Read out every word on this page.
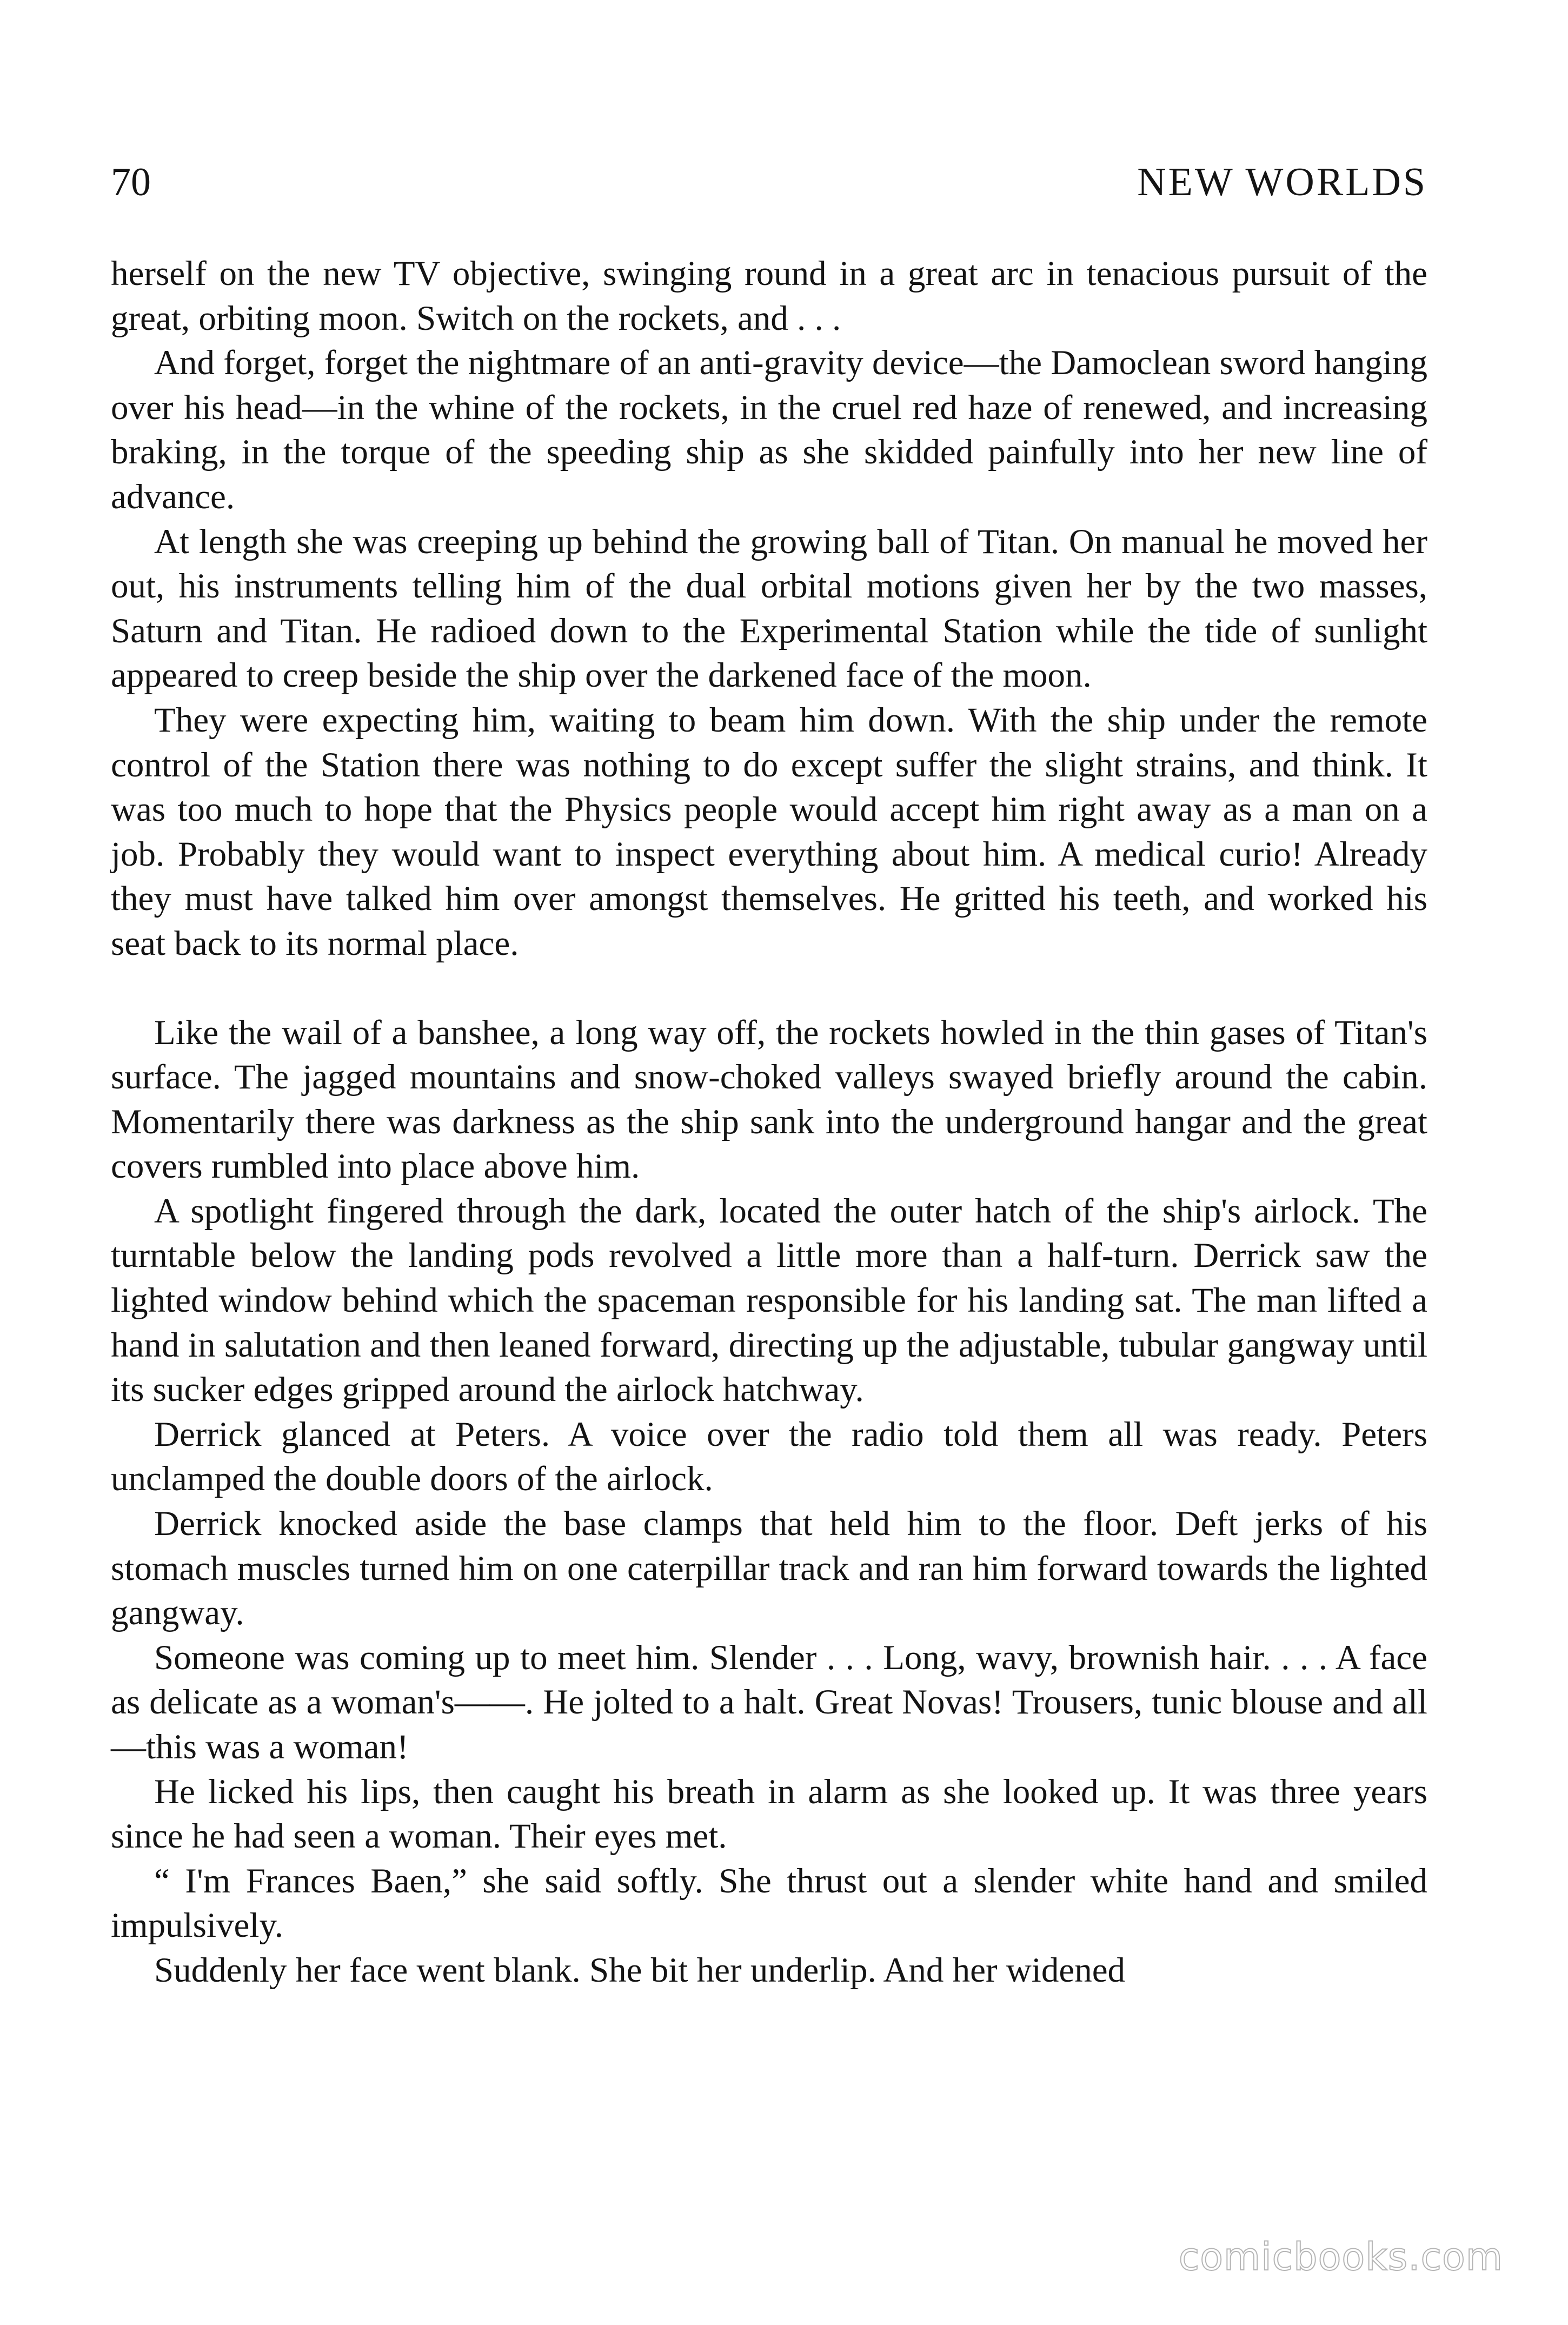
70	NEW WORLDS

herself on the new TV objective, swinging round in a great arc in tenacious pursuit of the great, orbiting moon. Switch on the rockets, and . . .

And forget, forget the nightmare of an anti-gravity device—the Damoclean sword hanging over his head—in the whine of the rockets, in the cruel red haze of renewed, and increasing braking, in the torque of the speeding ship as she skidded painfully into her new line of advance.

At length she was creeping up behind the growing ball of Titan. On manual he moved her out, his instruments telling him of the dual orbital motions given her by the two masses, Saturn and Titan. He radioed down to the Experimental Station while the tide of sunlight appeared to creep beside the ship over the darkened face of the moon.

They were expecting him, waiting to beam him down. With the ship under the remote control of the Station there was nothing to do except suffer the slight strains, and think. It was too much to hope that the Physics people would accept him right away as a man on a job. Probably they would want to inspect everything about him. A medical curio! Already they must have talked him over amongst themselves. He gritted his teeth, and worked his seat back to its normal place.

Like the wail of a banshee, a long way off, the rockets howled in the thin gases of Titan's surface. The jagged mountains and snow-choked valleys swayed briefly around the cabin. Momentarily there was darkness as the ship sank into the underground hangar and the great covers rumbled into place above him.

A spotlight fingered through the dark, located the outer hatch of the ship's airlock. The turntable below the landing pods revolved a little more than a half-turn. Derrick saw the lighted window behind which the spaceman responsible for his landing sat. The man lifted a hand in salutation and then leaned forward, directing up the adjustable, tubular gangway until its sucker edges gripped around the airlock hatchway.

Derrick glanced at Peters. A voice over the radio told them all was ready. Peters unclamped the double doors of the airlock.

Derrick knocked aside the base clamps that held him to the floor. Deft jerks of his stomach muscles turned him on one caterpillar track and ran him forward towards the lighted gangway.

Someone was coming up to meet him. Slender . . . Long, wavy, brownish hair. . . . A face as delicate as a woman's——. He jolted to a halt. Great Novas! Trousers, tunic blouse and all—this was a woman!

He licked his lips, then caught his breath in alarm as she looked up. It was three years since he had seen a woman. Their eyes met.

“ I'm Frances Baen,” she said softly. She thrust out a slender white hand and smiled impulsively.

Suddenly her face went blank. She bit her underlip. And her widened

comicbooks.com
